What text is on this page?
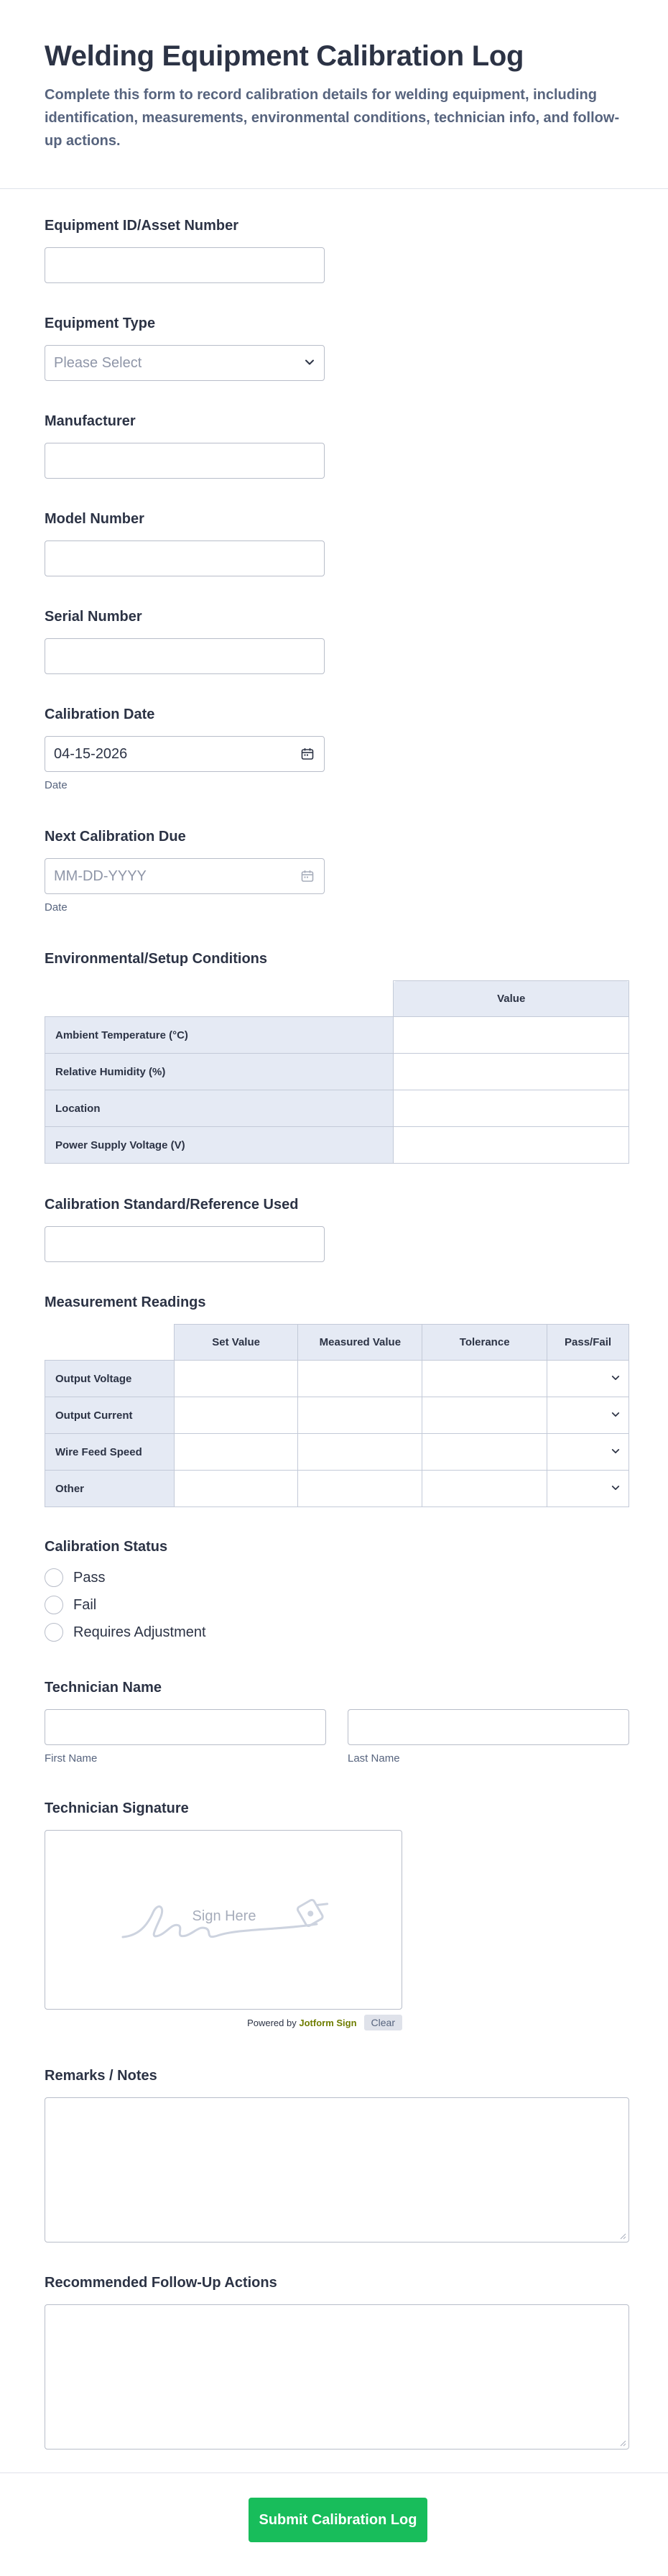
Welding Equipment Calibration Log

Complete this form to record calibration details for welding equipment, including identification, measurements, environmental conditions, technician info, and follow-up actions.

Equipment ID/Asset Number
Equipment Type
Please Select
Manufacturer
Model Number
Serial Number
Calibration Date
04-15-2026
Date
Next Calibration Due
MM-DD-YYYY
Date
Environmental/Setup Conditions
	Value
Ambient Temperature (°C)	
Relative Humidity (%)	
Location	
Power Supply Voltage (V)	
Calibration Standard/Reference Used
Measurement Readings
	Set Value	Measured Value	Tolerance	Pass/Fail
Output Voltage				

Output Current				

Wire Feed Speed				

Other				
Calibration Status
Pass
Fail
Requires Adjustment
Technician Name
First Name	Last Name
Technician Signature
Sign Here
Powered by Jotform Sign	Clear
Remarks / Notes
Recommended Follow-Up Actions
Submit Calibration Log
